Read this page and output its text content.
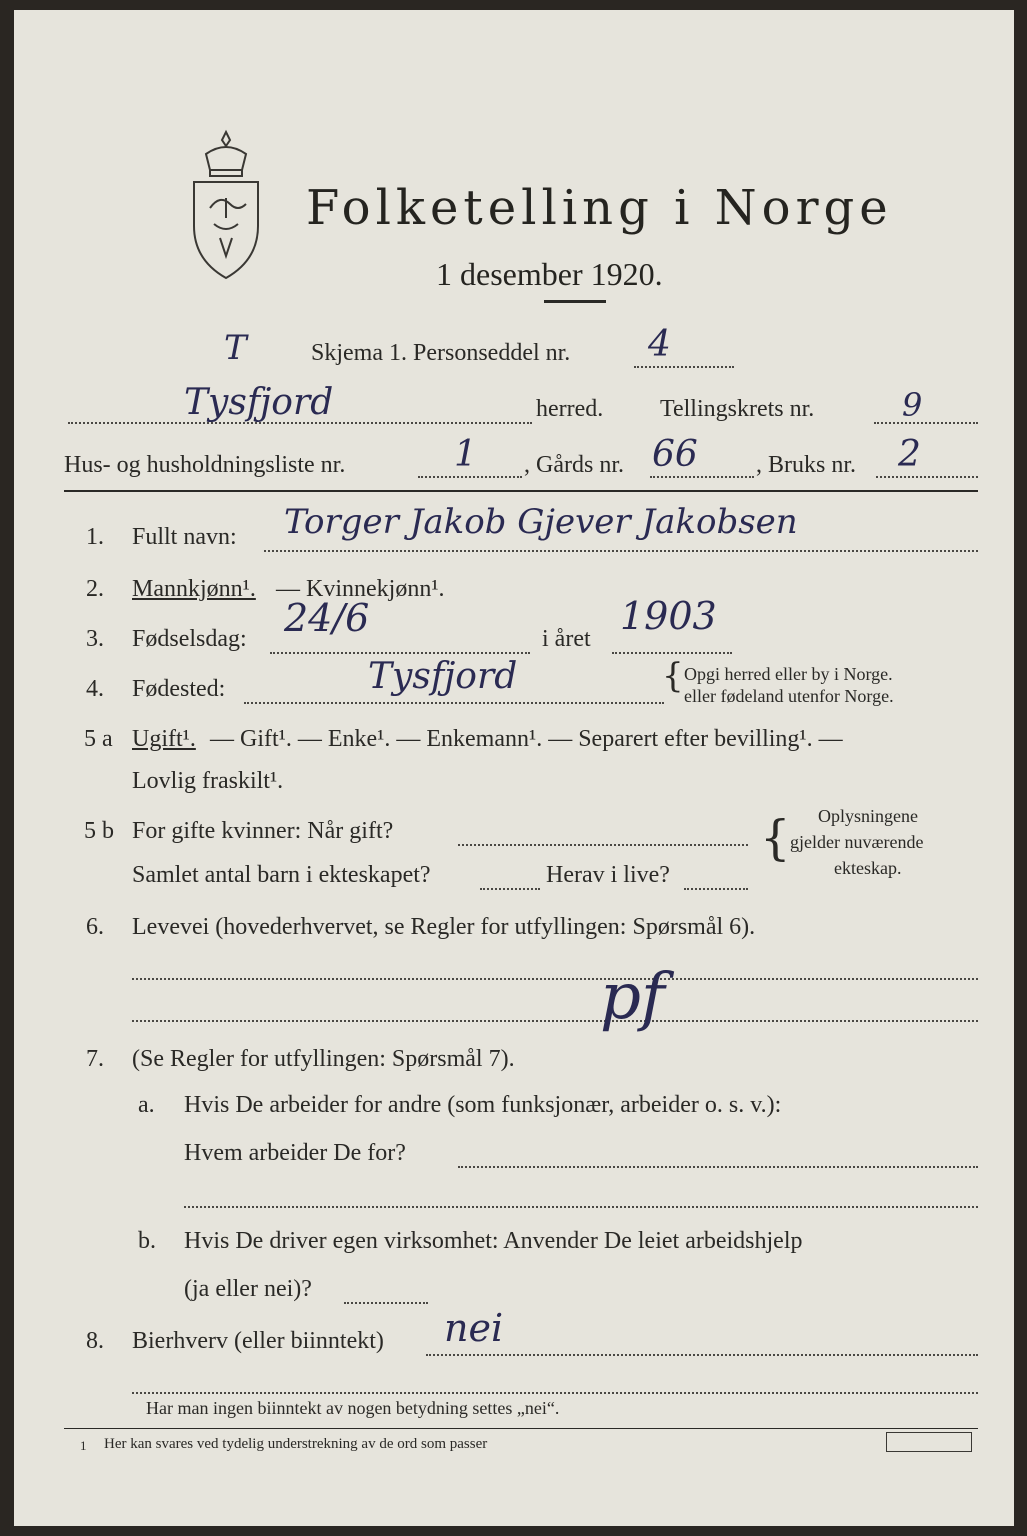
Folketelling i Norge
1 desember 1920.
T	Skjema 1. Personseddel nr. 4
Tysfjord	herred. Tellingskrets nr.	9
Hus- og husholdningsliste nr.	1 , Gårds nr. 66 , Bruks nr. 2
1. Fullt navn: Torger Jakob Gjever Jakobsen
2. Mannkjønn¹. — Kvinnekjønn¹.
3. Fødselsdag: 24/6	i året
1903
4. Fødested:	Tysfjord	{ Opgi herred eller by i Norge.
eller fødeland utenfor Norge.
5 a Ugift¹. — Gift¹. — Enke¹. — Enkemann¹. — Separert efter bevilling¹. —
Lovlig fraskilt¹.
5 b For gifte kvinner: Når gift?
Samlet antal barn i ekteskapet?	Herav i live?
{ Oplysningene
gjelder nuværende
ekteskap.
6. Levevei (hovederhvervet, se Regler for utfyllingen: Spørsmål 6).
pf
7. (Se Regler for utfyllingen: Spørsmål 7).
a. Hvis De arbeider for andre (som funksjonær, arbeider o. s. v.):
Hvem arbeider De for?
b. Hvis De driver egen virksomhet: Anvender De leiet arbeidshjelp
(ja eller nei)?
8. Bierhverv (eller biinntekt) nei
Har man ingen biinntekt av nogen betydning settes „nei“.
1 Her kan svares ved tydelig understrekning av de ord som passer
